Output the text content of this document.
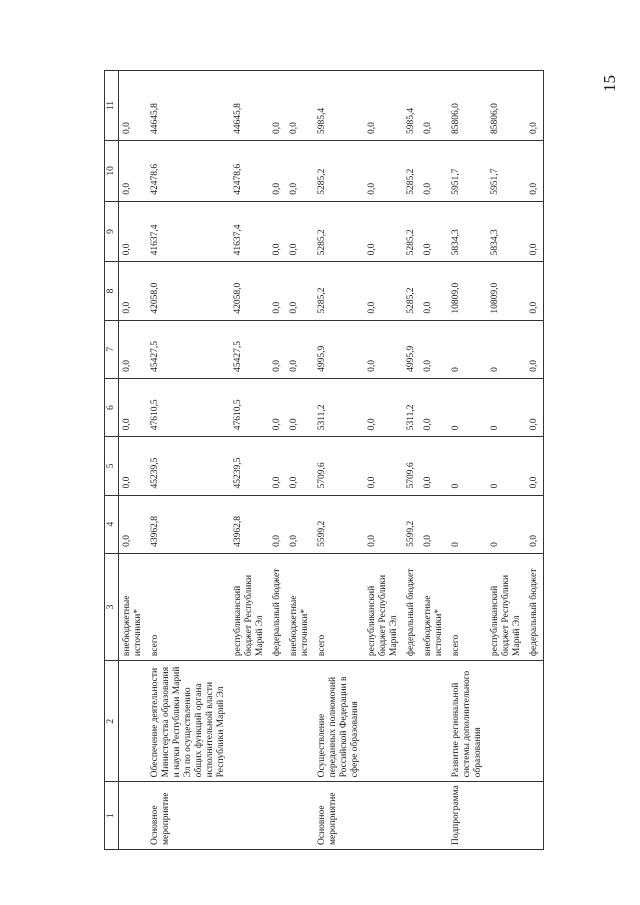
15
1	2	3	4	5	6	7	8	9	10	11
		внебюджетные источники*	0,0	0,0	0,0	0,0	0,0	0,0	0,0	0,0
Основное мероприятие	Обеспечение деятельности Министерства образования и науки Республики Марий Эл по осуществлению общих функций органа исполнительной власти Республики Марий Эл	всего	43962,8	45239,5	47610,5	45427,5	42058,0	41637,4	42478,6	44645,8
		республиканский бюджет Республики Марий Эл	43962,8	45239,5	47610,5	45427,5	42058,0	41637,4	42478,6	44645,8
		федеральный бюджет	0,0	0,0	0,0	0,0	0,0	0,0	0,0	0,0
		внебюджетные источники*	0,0	0,0	0,0	0,0	0,0	0,0	0,0	0,0
Основное мероприятие	Осуществление переданных полномочий Российской Федерации в сфере образования	всего	5599,2	5709,6	5311,2	4995,9	5285,2	5285,2	5285,2	5985,4
		республиканский бюджет Республики Марий Эл	0,0	0,0	0,0	0,0	0,0	0,0	0,0	0,0
		федеральный бюджет	5599,2	5709,6	5311,2	4995,9	5285,2	5285,2	5285,2	5985,4
		внебюджетные источники*	0,0	0,0	0,0	0,0	0,0	0,0	0,0	0,0
Подпрограмма	Развитие региональной системы дополнительного образования	всего	0	0	0	0	10809,0	5834,3	5951,7	85806,0
		республиканский бюджет Республики Марий Эл	0	0	0	0	10809,0	5834,3	5951,7	85806,0
		федеральный бюджет	0,0	0,0	0,0	0,0	0,0	0,0	0,0	0,0
